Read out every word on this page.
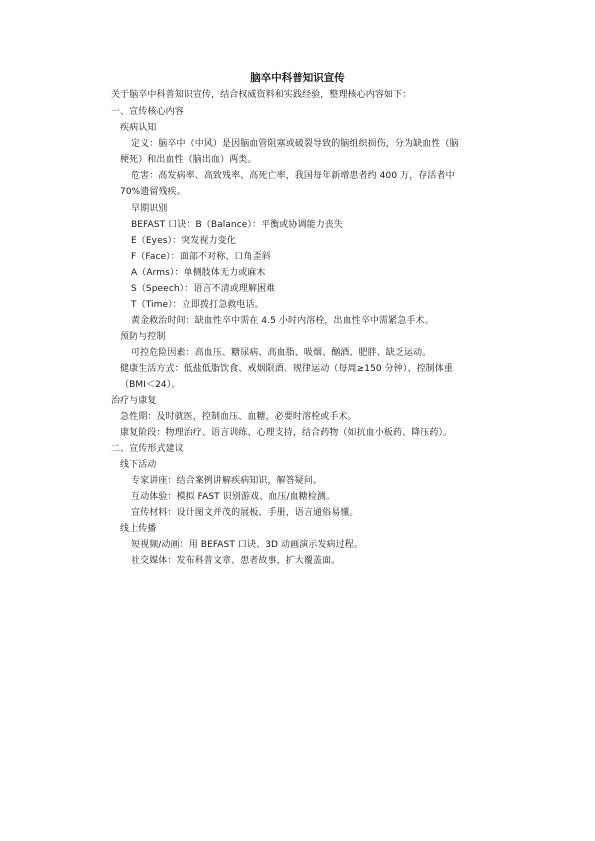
脑卒中科普知识宣传
关于脑卒中科普知识宣传，结合权威资料和实践经验，整理核心内容如下：
一、宣传核心内容
疾病认知
定义：脑卒中（中风）是因脑血管阻塞或破裂导致的脑组织损伤，分为缺血性（脑
梗死）和出血性（脑出血）两类。
危害：高发病率、高致残率、高死亡率，我国每年新增患者约 400 万，存活者中
70%遗留残疾。
早期识别
BEFAST 口诀：B（Balance）：平衡或协调能力丧失
E（Eyes）：突发视力变化
F（Face）：面部不对称、口角歪斜
A（Arms）：单侧肢体无力或麻木
S（Speech）：语言不清或理解困难
T（Time）：立即拨打急救电话。
黄金救治时间：缺血性卒中需在 4.5 小时内溶栓，出血性卒中需紧急手术。
预防与控制
可控危险因素：高血压、糖尿病、高血脂、吸烟、酗酒、肥胖、缺乏运动。
健康生活方式：低盐低脂饮食、戒烟限酒、规律运动（每周≥150 分钟）、控制体重
（BMI＜24）。
治疗与康复
急性期：及时就医，控制血压、血糖，必要时溶栓或手术。
康复阶段：物理治疗、语言训练、心理支持，结合药物（如抗血小板药、降压药）。
二、宣传形式建议
线下活动
专家讲座：结合案例讲解疾病知识，解答疑问。
互动体验：模拟 FAST 识别游戏、血压/血糖检测。
宣传材料：设计图文并茂的展板、手册，语言通俗易懂。
线上传播
短视频/动画：用 BEFAST 口诀、3D 动画演示发病过程。
社交媒体：发布科普文章、患者故事，扩大覆盖面。
